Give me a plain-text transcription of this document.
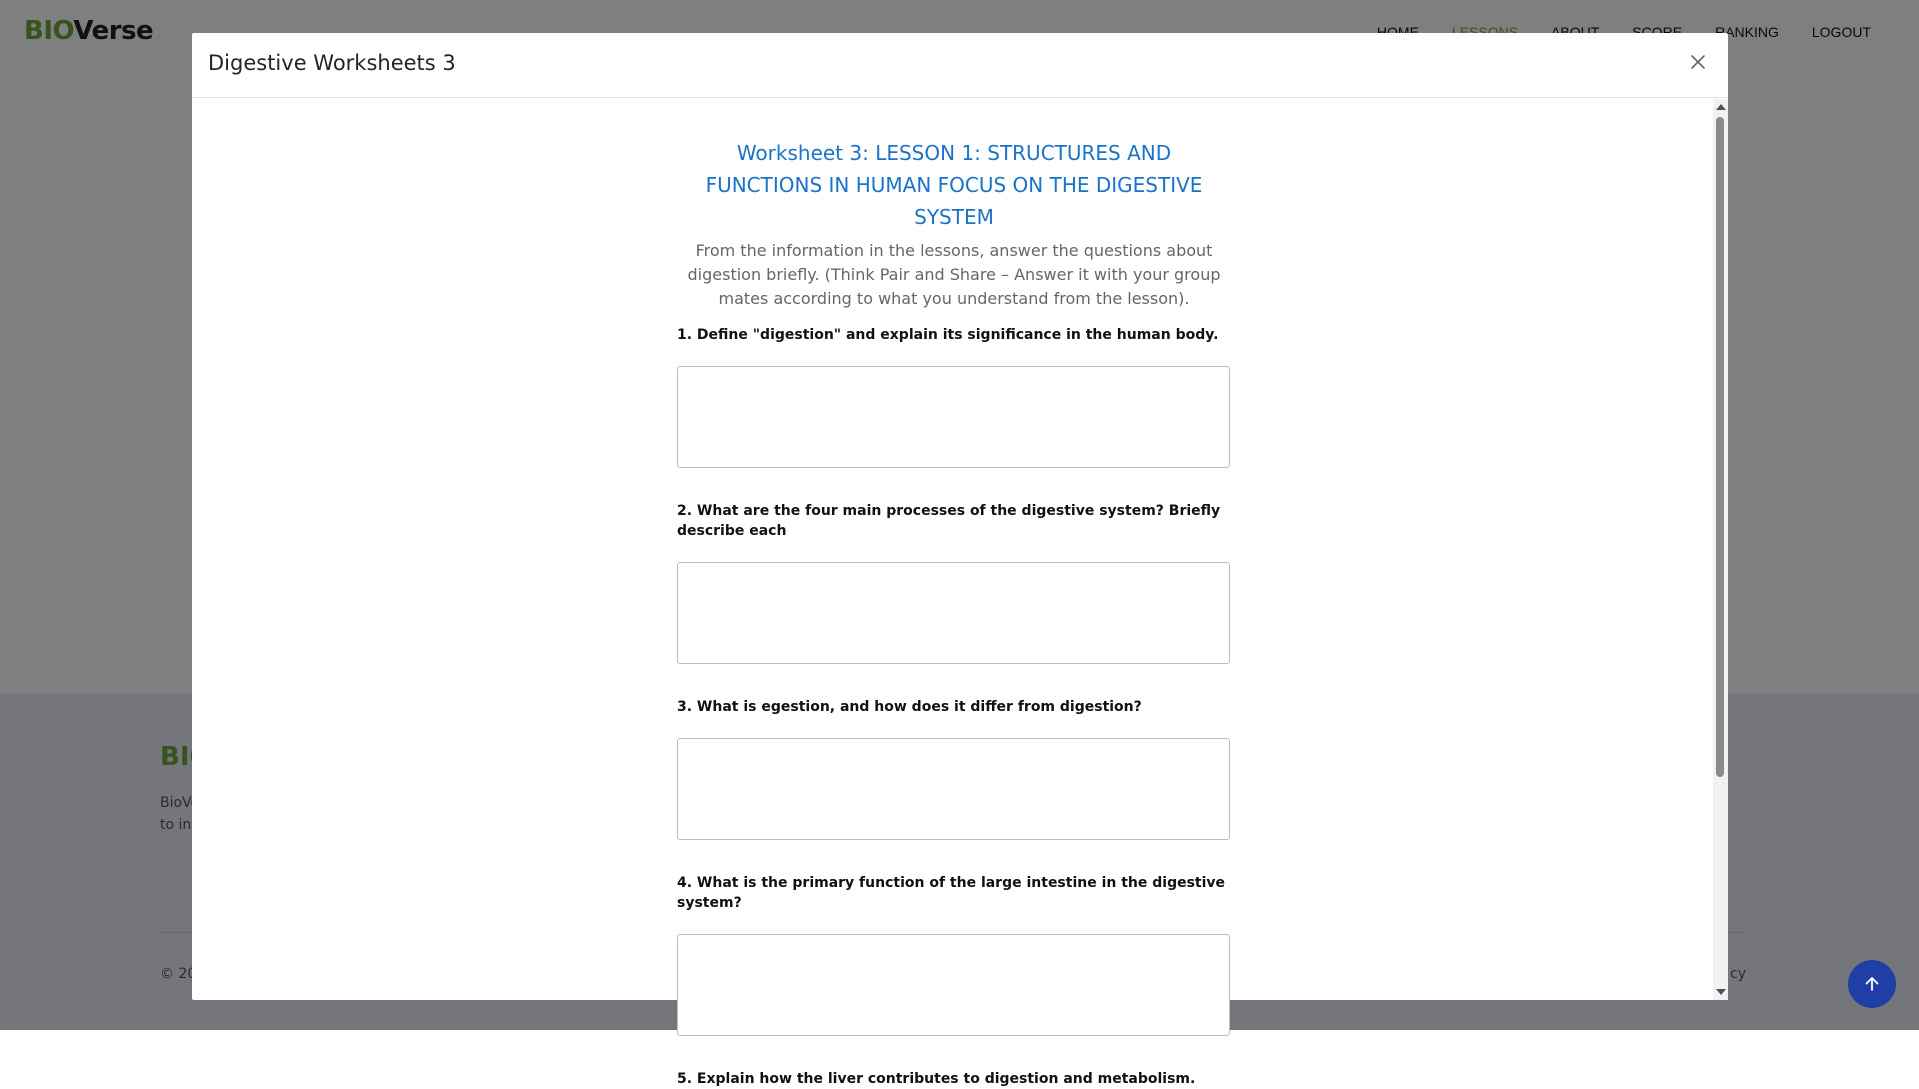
Digestive Worksheets 3
Worksheet 3: LESSON 1: STRUCTURES AND FUNCTIONS IN HUMAN FOCUS ON THE DIGESTIVE SYSTEM
From the information in the lessons, answer the questions about digestion briefly. (Think Pair and Share – Answer it with your group mates according to what you understand from the lesson).
1. Define "digestion" and explain its significance in the human body.
2. What are the four main processes of the digestive system? Briefly describe each
3. What is egestion, and how does it differ from digestion?
4. What is the primary function of the large intestine in the digestive system?
5. Explain how the liver contributes to digestion and metabolism.
